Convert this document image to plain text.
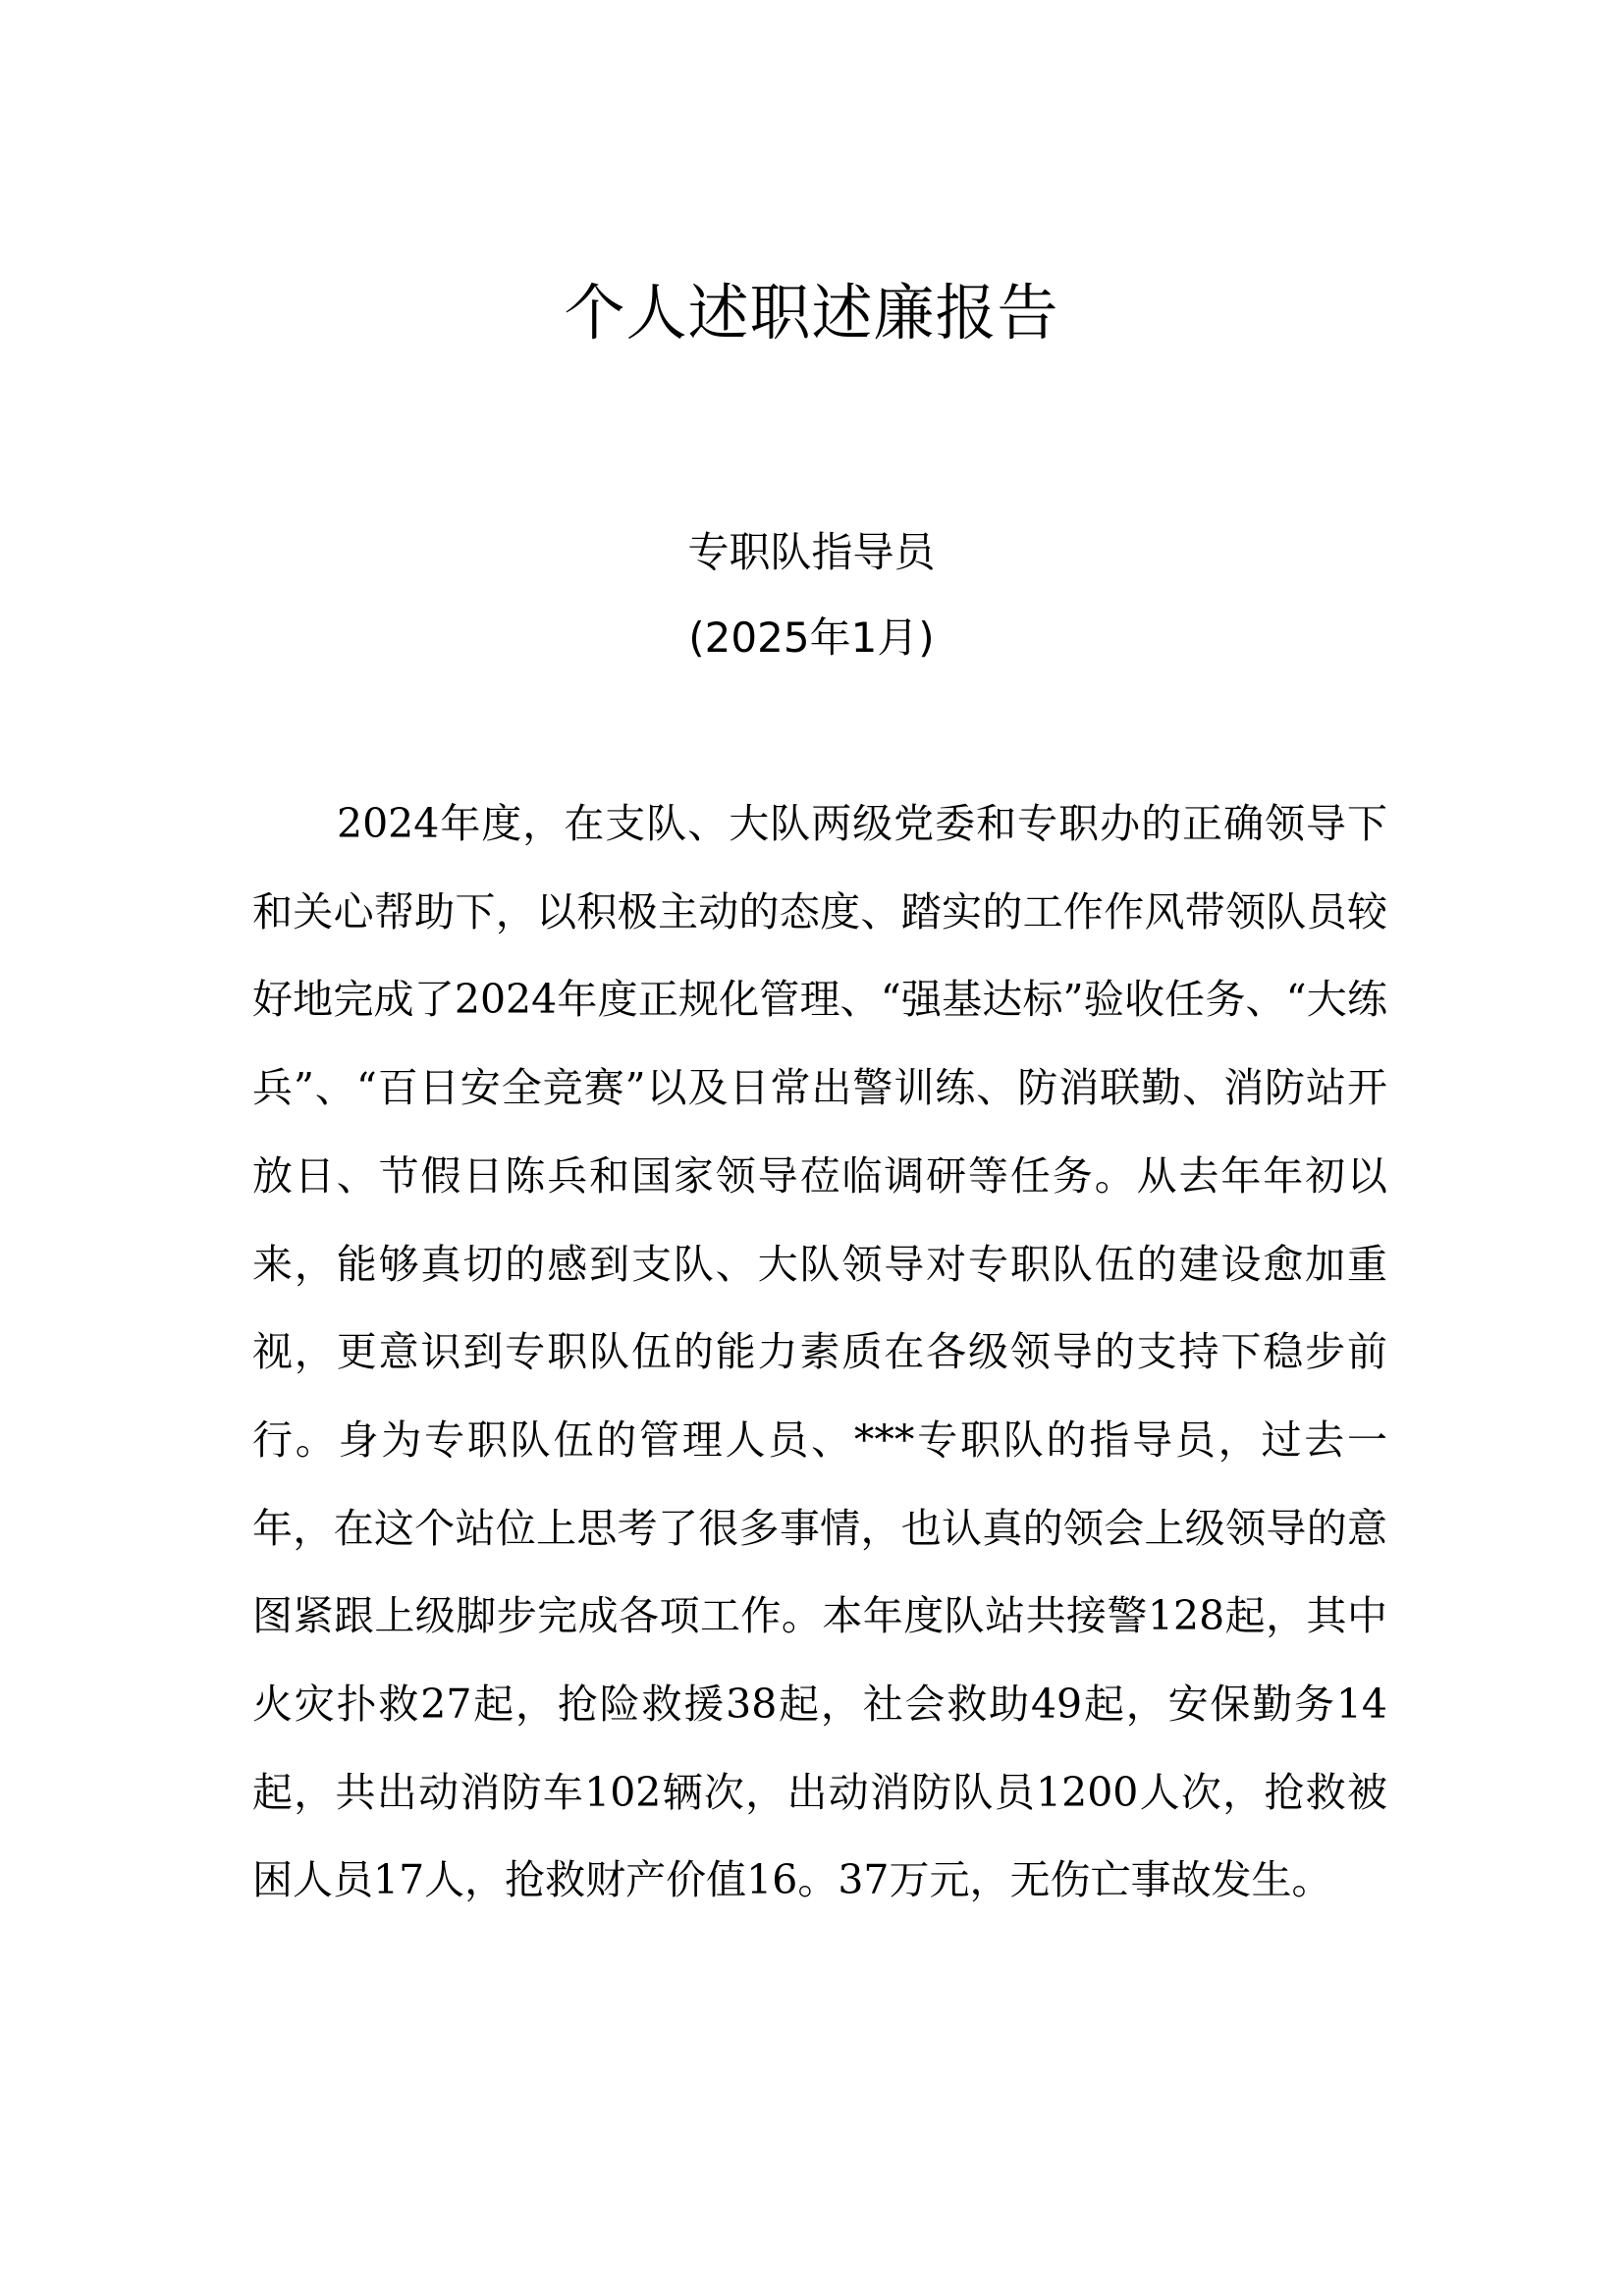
个人述职述廉报告
专职队指导员
(2025年1月)

2024年度，在支队、大队两级党委和专职办的正确领导下和关心帮助下，以积极主动的态度、踏实的工作作风带领队员较好地完成了2024年度正规化管理、“强基达标”验收任务、“大练兵”、“百日安全竞赛”以及日常出警训练、防消联勤、消防站开放日、节假日陈兵和国家领导莅临调研等任务。从去年年初以来，能够真切的感到支队、大队领导对专职队伍的建设愈加重视，更意识到专职队伍的能力素质在各级领导的支持下稳步前行。身为专职队伍的管理人员、***专职队的指导员，过去一年，在这个站位上思考了很多事情，也认真的领会上级领导的意图紧跟上级脚步完成各项工作。本年度队站共接警128起，其中火灾扑救27起，抢险救援38起，社会救助49起，安保勤务14起，共出动消防车102辆次，出动消防队员1200人次，抢救被困人员17人，抢救财产价值16。37万元，无伤亡事故发生。
